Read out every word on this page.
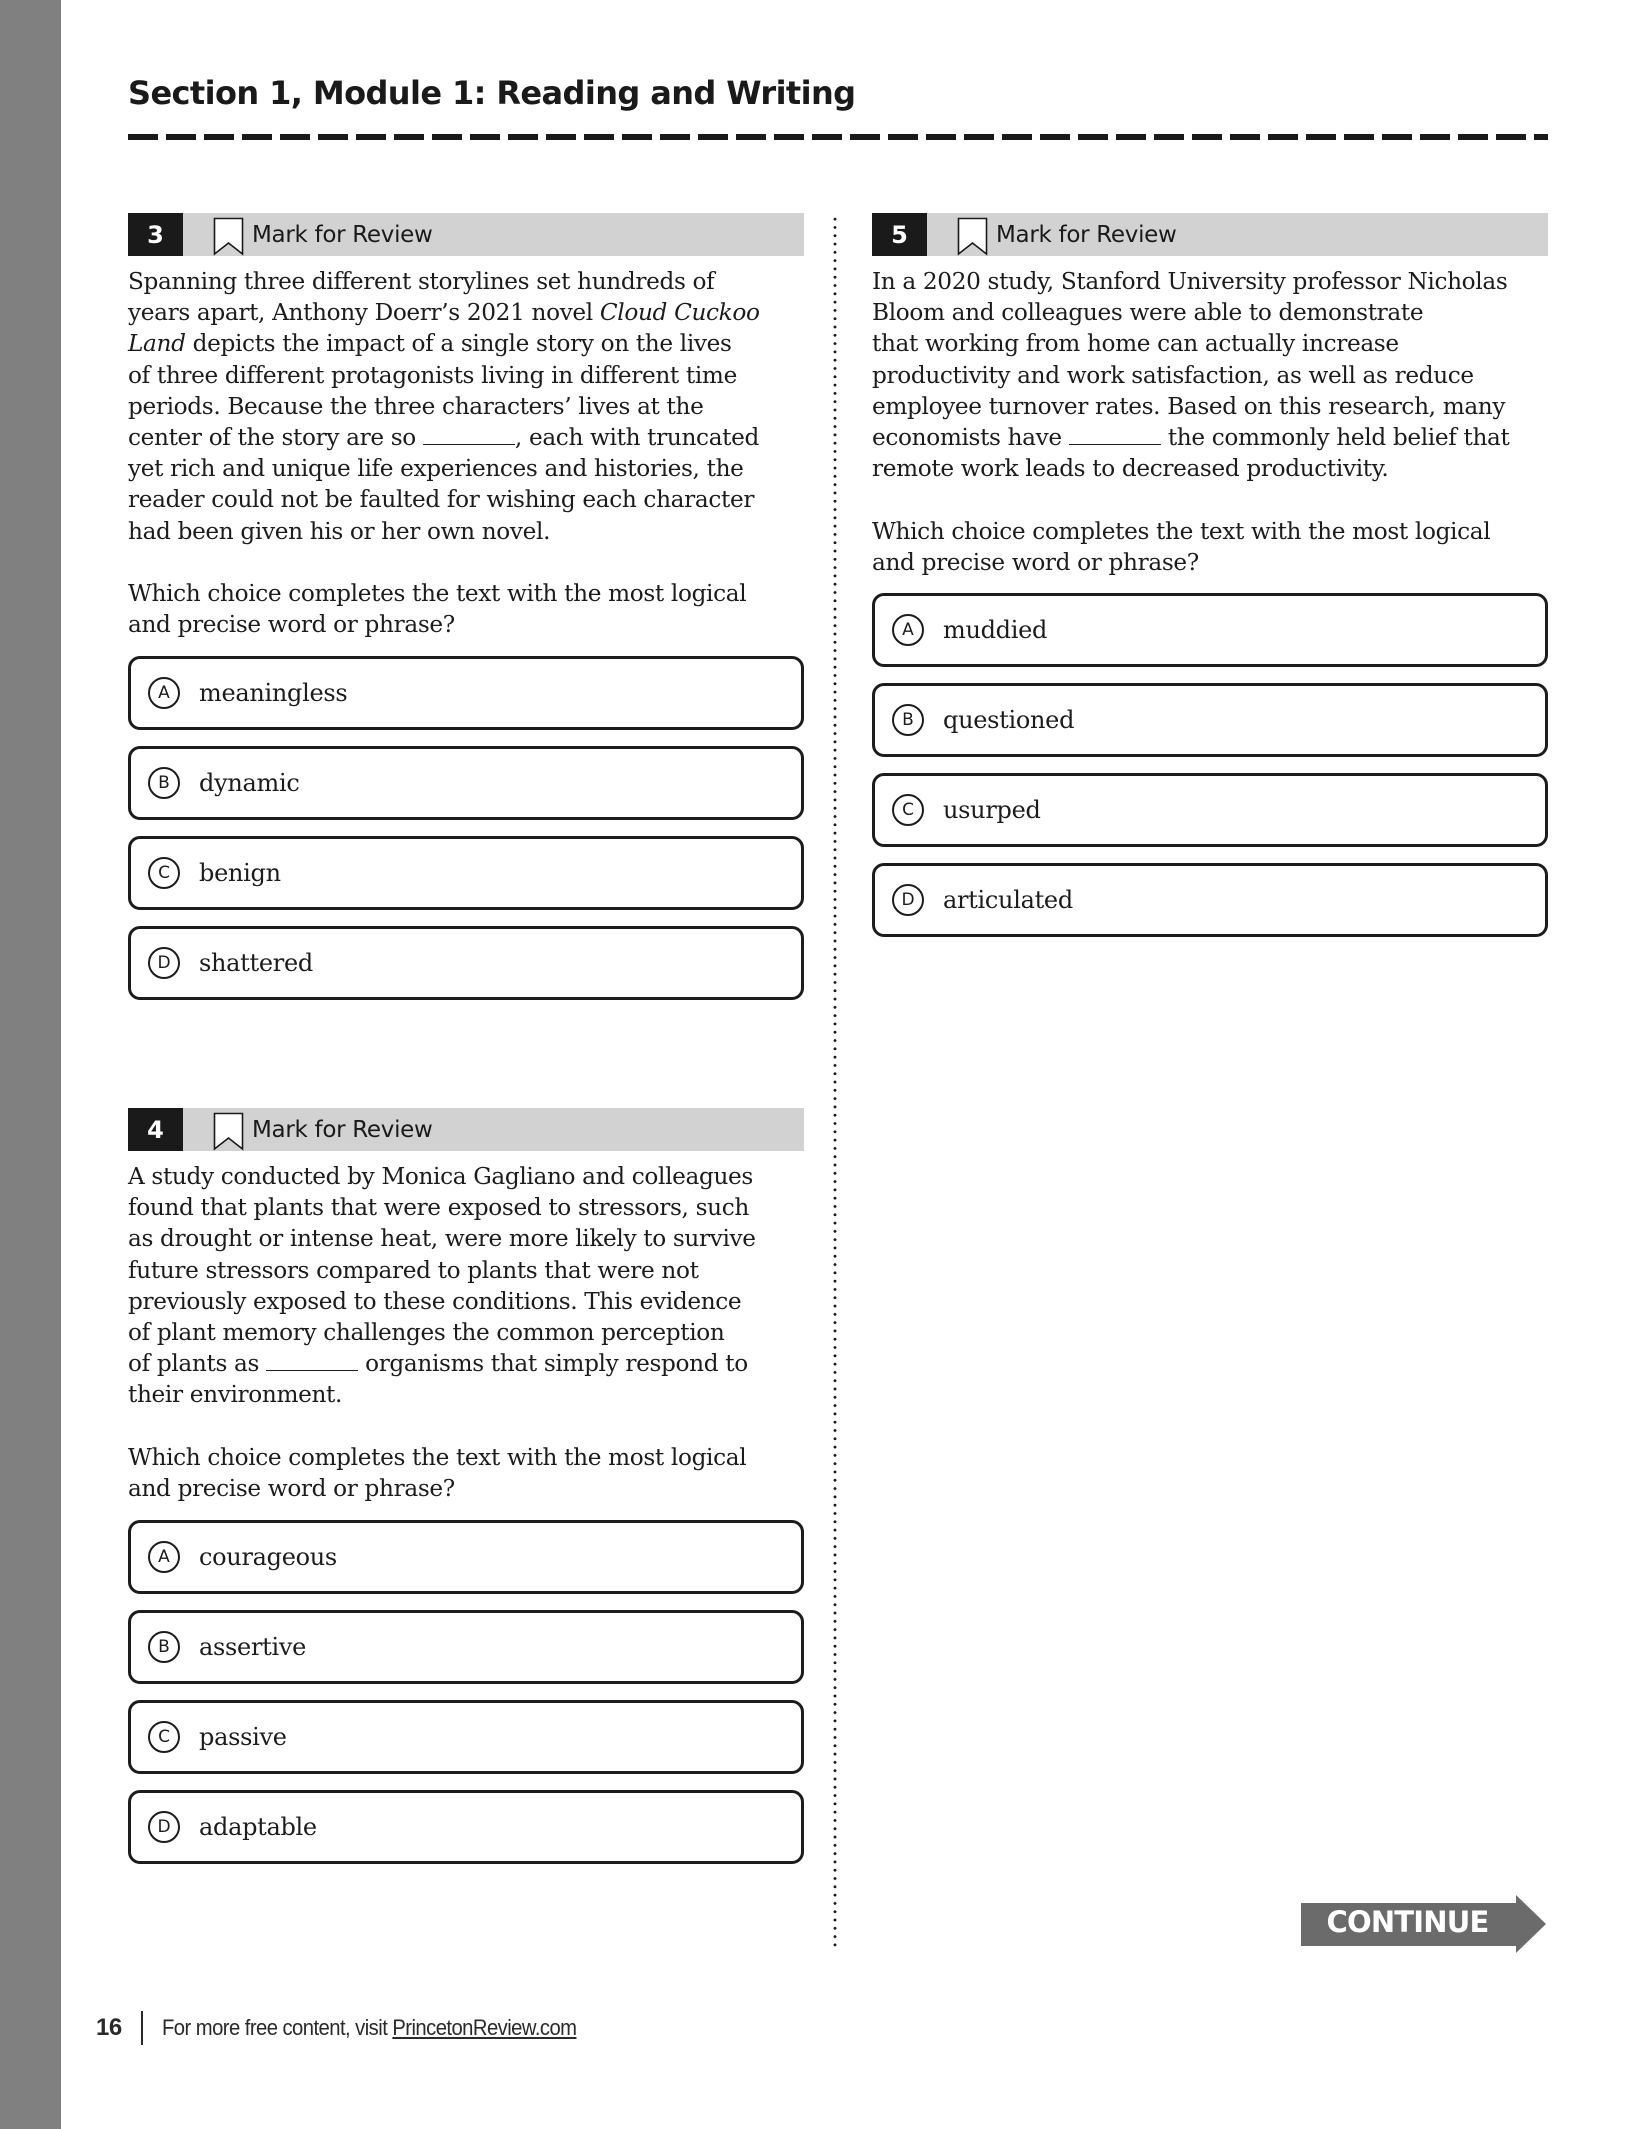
Section 1, Module 1: Reading and Writing
3	Mark for Review
Spanning three different storylines set hundreds of
years apart, Anthony Doerr’s 2021 novel Cloud Cuckoo
Land depicts the impact of a single story on the lives
of three different protagonists living in different time
periods. Because the three characters’ lives at the
center of the story are so	, each with truncated
yet rich and unique life experiences and histories, the
reader could not be faulted for wishing each character
had been given his or her own novel.
Which choice completes the text with the most logical
and precise word or phrase?
A	meaningless
B	dynamic
C	benign
D	shattered
4	Mark for Review
A study conducted by Monica Gagliano and colleagues
found that plants that were exposed to stressors, such
as drought or intense heat, were more likely to survive
future stressors compared to plants that were not
previously exposed to these conditions. This evidence
of plant memory challenges the common perception
of plants as	organisms that simply respond to
their environment.
Which choice completes the text with the most logical
and precise word or phrase?
A	courageous
B	assertive
C	passive
D	adaptable
5	Mark for Review
In a 2020 study, Stanford University professor Nicholas
Bloom and colleagues were able to demonstrate
that working from home can actually increase
productivity and work satisfaction, as well as reduce
employee turnover rates. Based on this research, many
economists have	the commonly held belief that
remote work leads to decreased productivity.
Which choice completes the text with the most logical
and precise word or phrase?
A	muddied
B	questioned
C	usurped
D	articulated
CONTINUE
16 For more free content, visit PrincetonReview.com
